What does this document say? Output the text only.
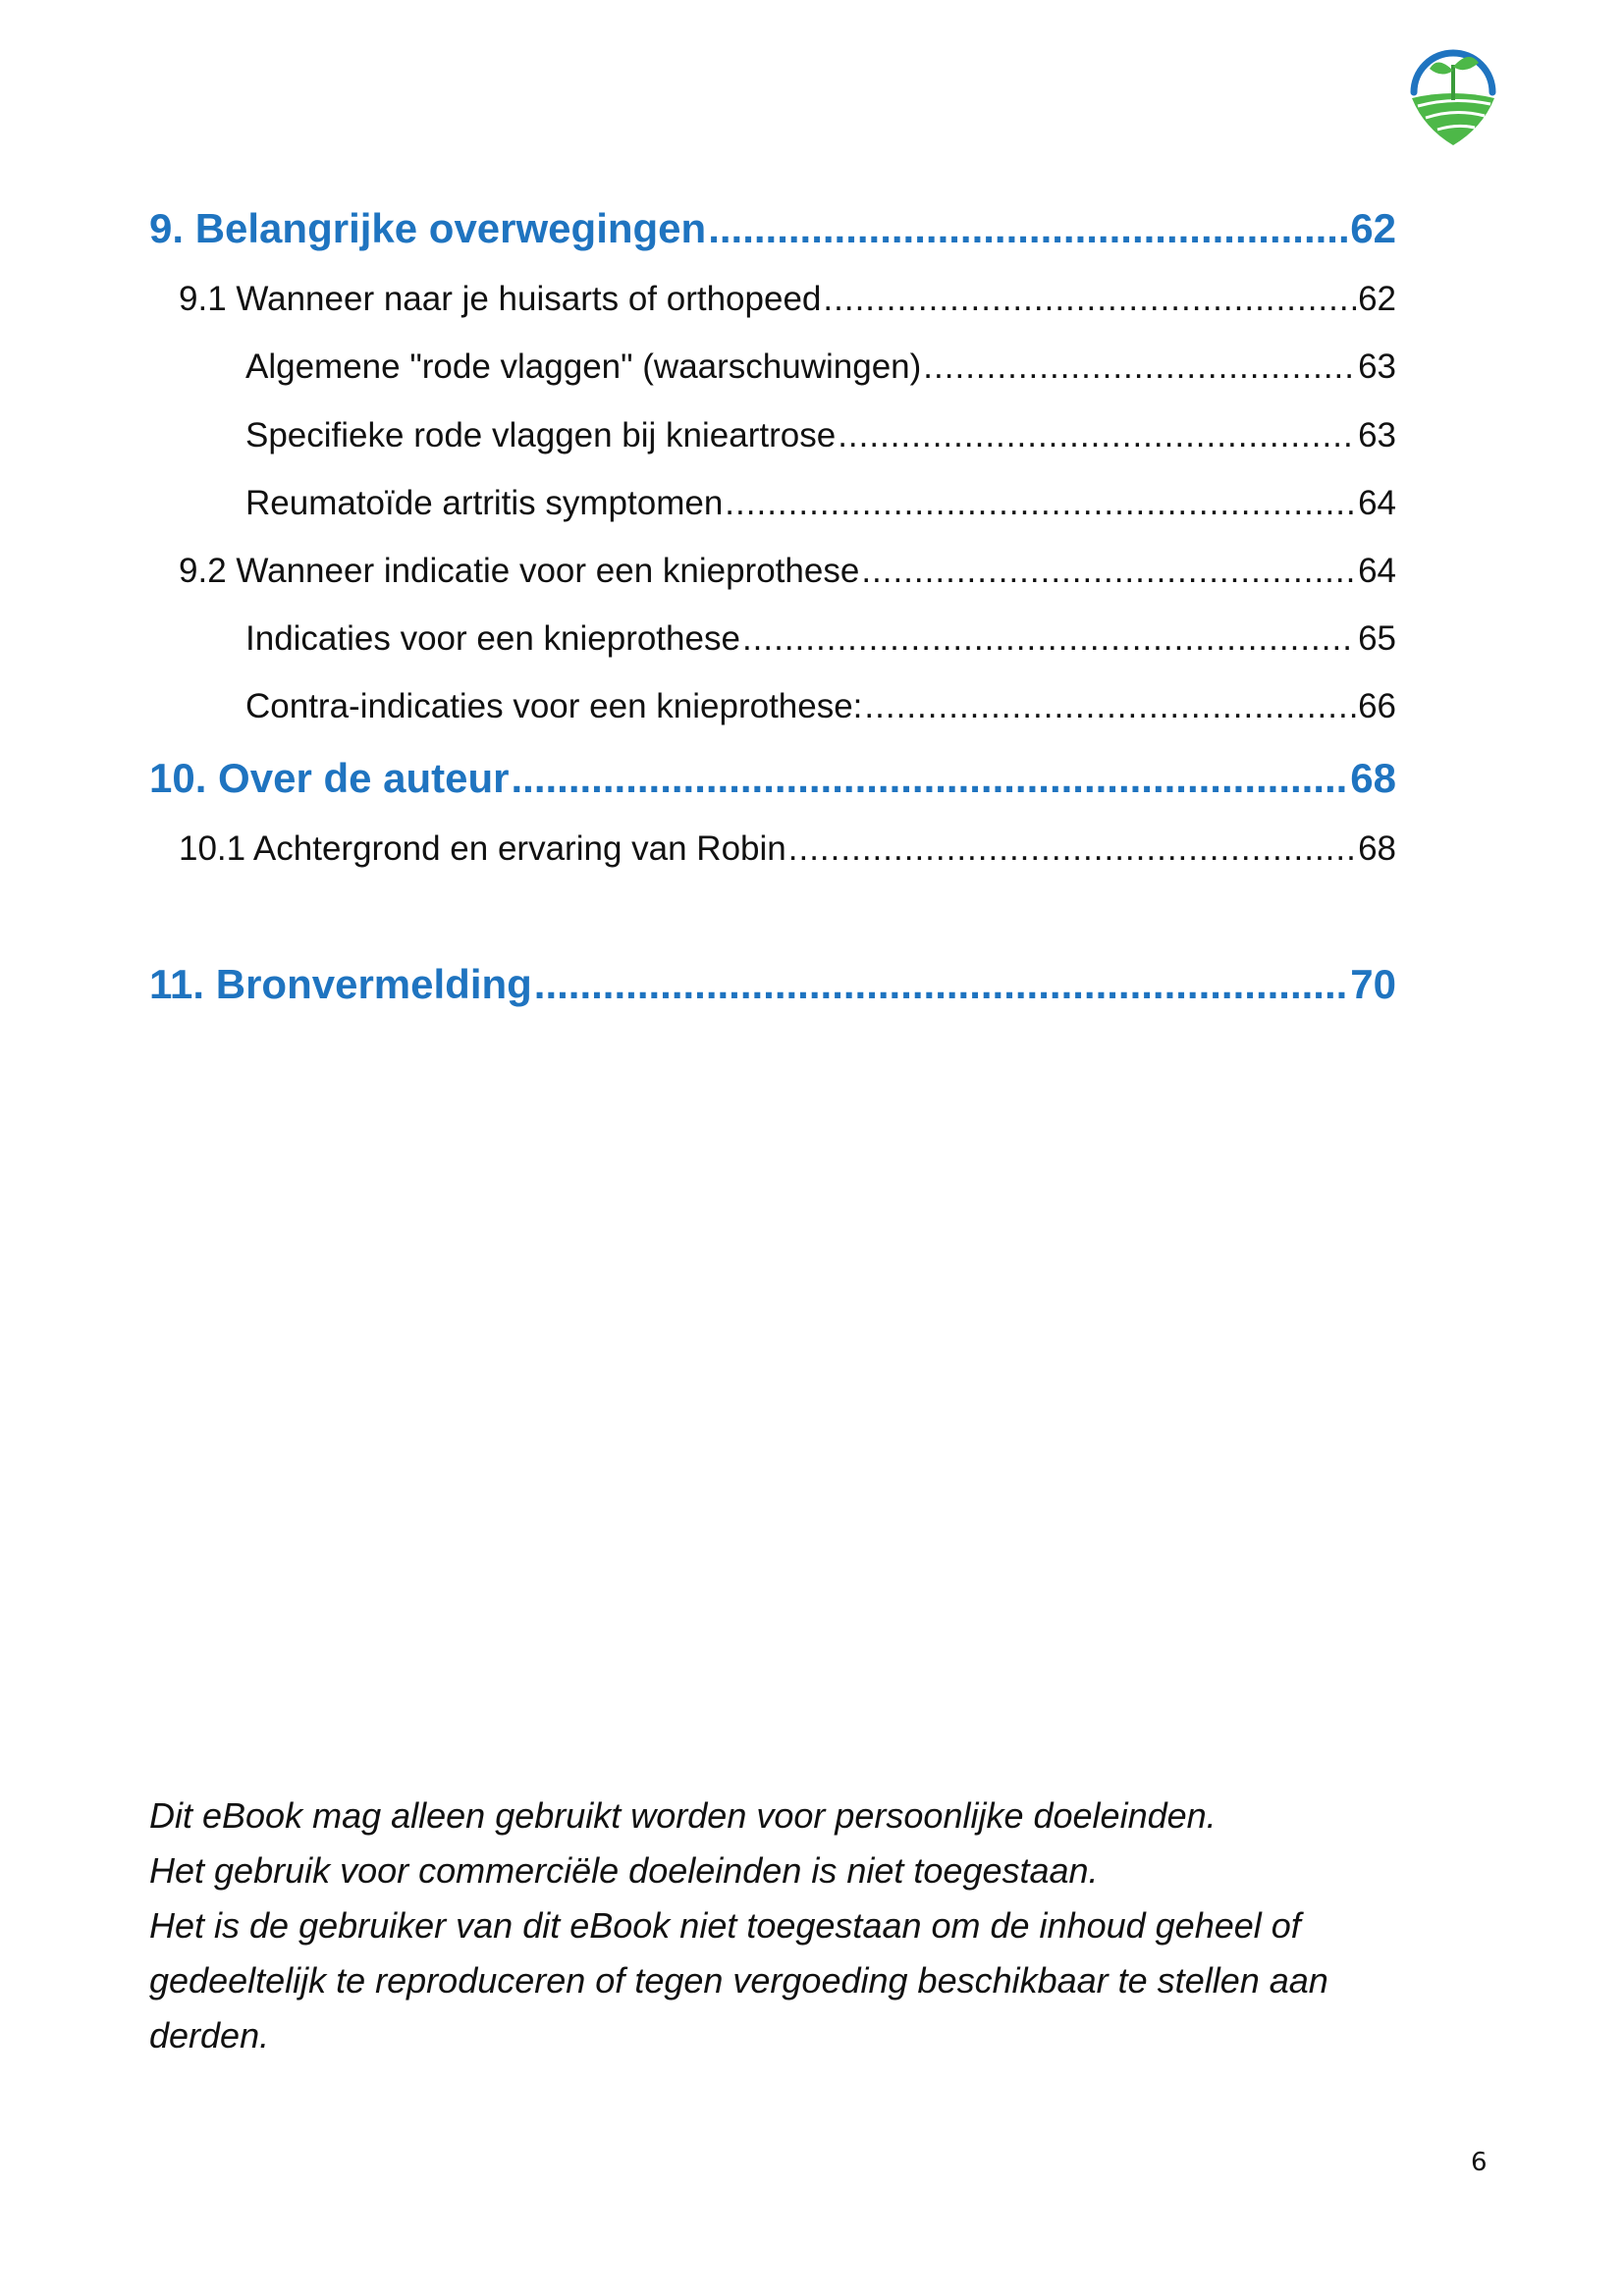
9. Belangrijke overwegingen .....	62
9.1 Wanneer naar je huisarts of orthopeed .....	62
Algemene "rode vlaggen" (waarschuwingen) .....	63
Specifieke rode vlaggen bij knieartrose .....	63
Reumatoïde artritis symptomen .....	64
9.2 Wanneer indicatie voor een knieprothese .....	64
Indicaties voor een knieprothese .....	65
Contra-indicaties voor een knieprothese: .....	66
10. Over de auteur .....	68
10.1 Achtergrond en ervaring van Robin .....	68
11. Bronvermelding .....	70

Dit eBook mag alleen gebruikt worden voor persoonlijke doeleinden.

Het gebruik voor commerciële doeleinden is niet toegestaan.

Het is de gebruiker van dit eBook niet toegestaan om de inhoud geheel of

gedeeltelijk te reproduceren of tegen vergoeding beschikbaar te stellen aan

derden.

6
